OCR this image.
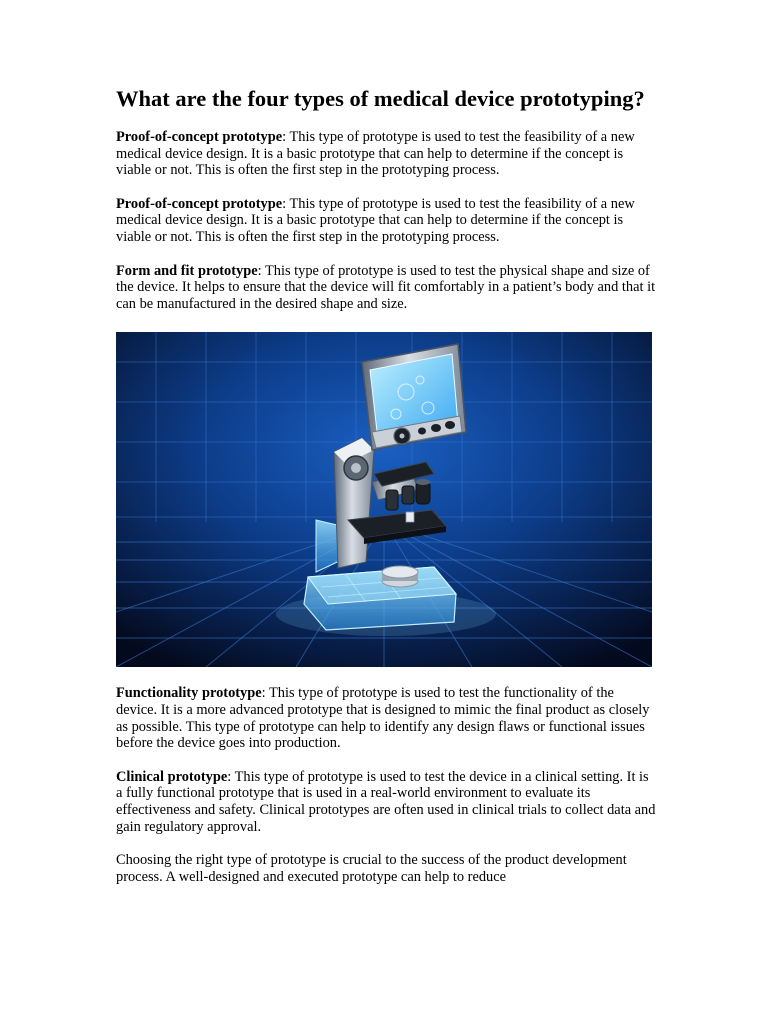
What are the four types of medical device prototyping?

Proof-of-concept prototype: This type of prototype is used to test the feasibility of a new medical device design. It is a basic prototype that can help to determine if the concept is viable or not. This is often the first step in the prototyping process.

Proof-of-concept prototype: This type of prototype is used to test the feasibility of a new medical device design. It is a basic prototype that can help to determine if the concept is viable or not. This is often the first step in the prototyping process.

Form and fit prototype: This type of prototype is used to test the physical shape and size of the device. It helps to ensure that the device will fit comfortably in a patient’s body and that it can be manufactured in the desired shape and size.

Functionality prototype: This type of prototype is used to test the functionality of the device. It is a more advanced prototype that is designed to mimic the final product as closely as possible. This type of prototype can help to identify any design flaws or functional issues before the device goes into production.

Clinical prototype: This type of prototype is used to test the device in a clinical setting. It is a fully functional prototype that is used in a real-world environment to evaluate its effectiveness and safety. Clinical prototypes are often used in clinical trials to collect data and gain regulatory approval.

Choosing the right type of prototype is crucial to the success of the product development process. A well-designed and executed prototype can help to reduce
